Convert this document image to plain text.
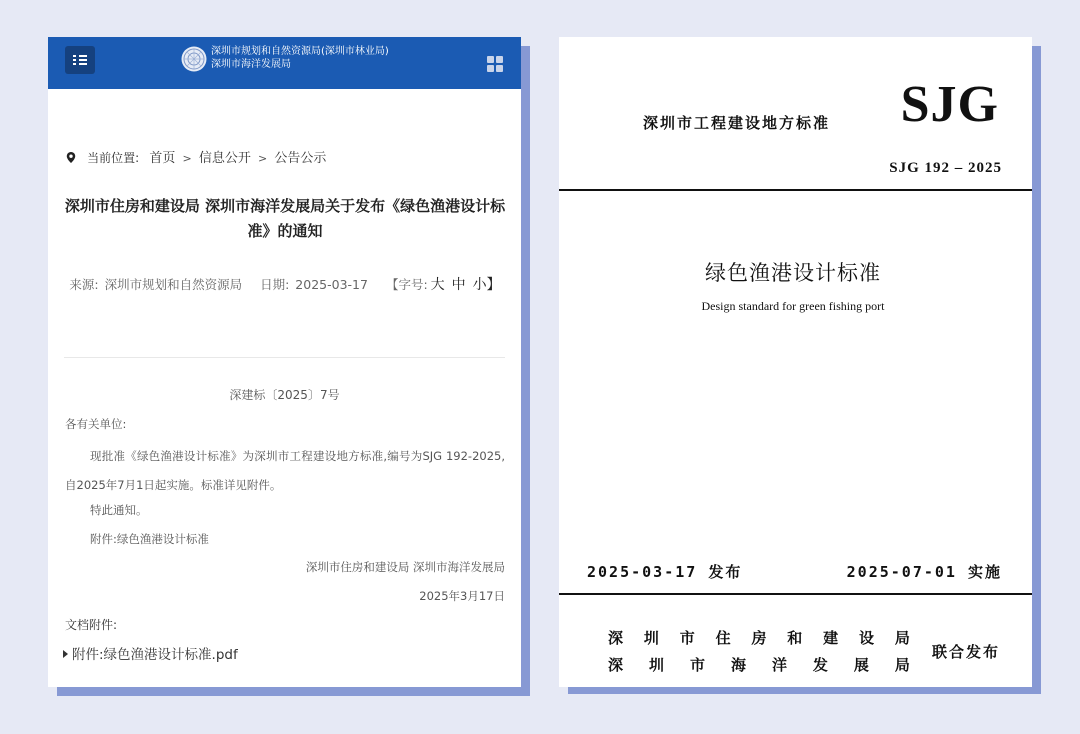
深圳市规划和自然资源局(深圳市林业局)
深圳市海洋发展局
当前位置: 首页 > 信息公开 > 公告公示
深圳市住房和建设局 深圳市海洋发展局关于发布《绿色渔港设计标准》的通知
来源: 深圳市规划和自然资源局 日期: 2025-03-17 【字号: 大 中 小】
深建标〔2025〕7号
各有关单位:
现批准《绿色渔港设计标准》为深圳市工程建设地方标准,编号为SJG 192-2025,自2025年7月1日起实施。标准详见附件。
特此通知。
附件:绿色渔港设计标准
深圳市住房和建设局 深圳市海洋发展局
2025年3月17日
文档附件:
附件:绿色渔港设计标准.pdf
深圳市工程建设地方标准 SJG
SJG 192 – 2025
绿色渔港设计标准
Design standard for green fishing port
2025-03-17 发布	2025-07-01 实施
深 圳 市 住 房 和 建 设 局
深 圳 市 海 洋 发 展 局
联合发布
